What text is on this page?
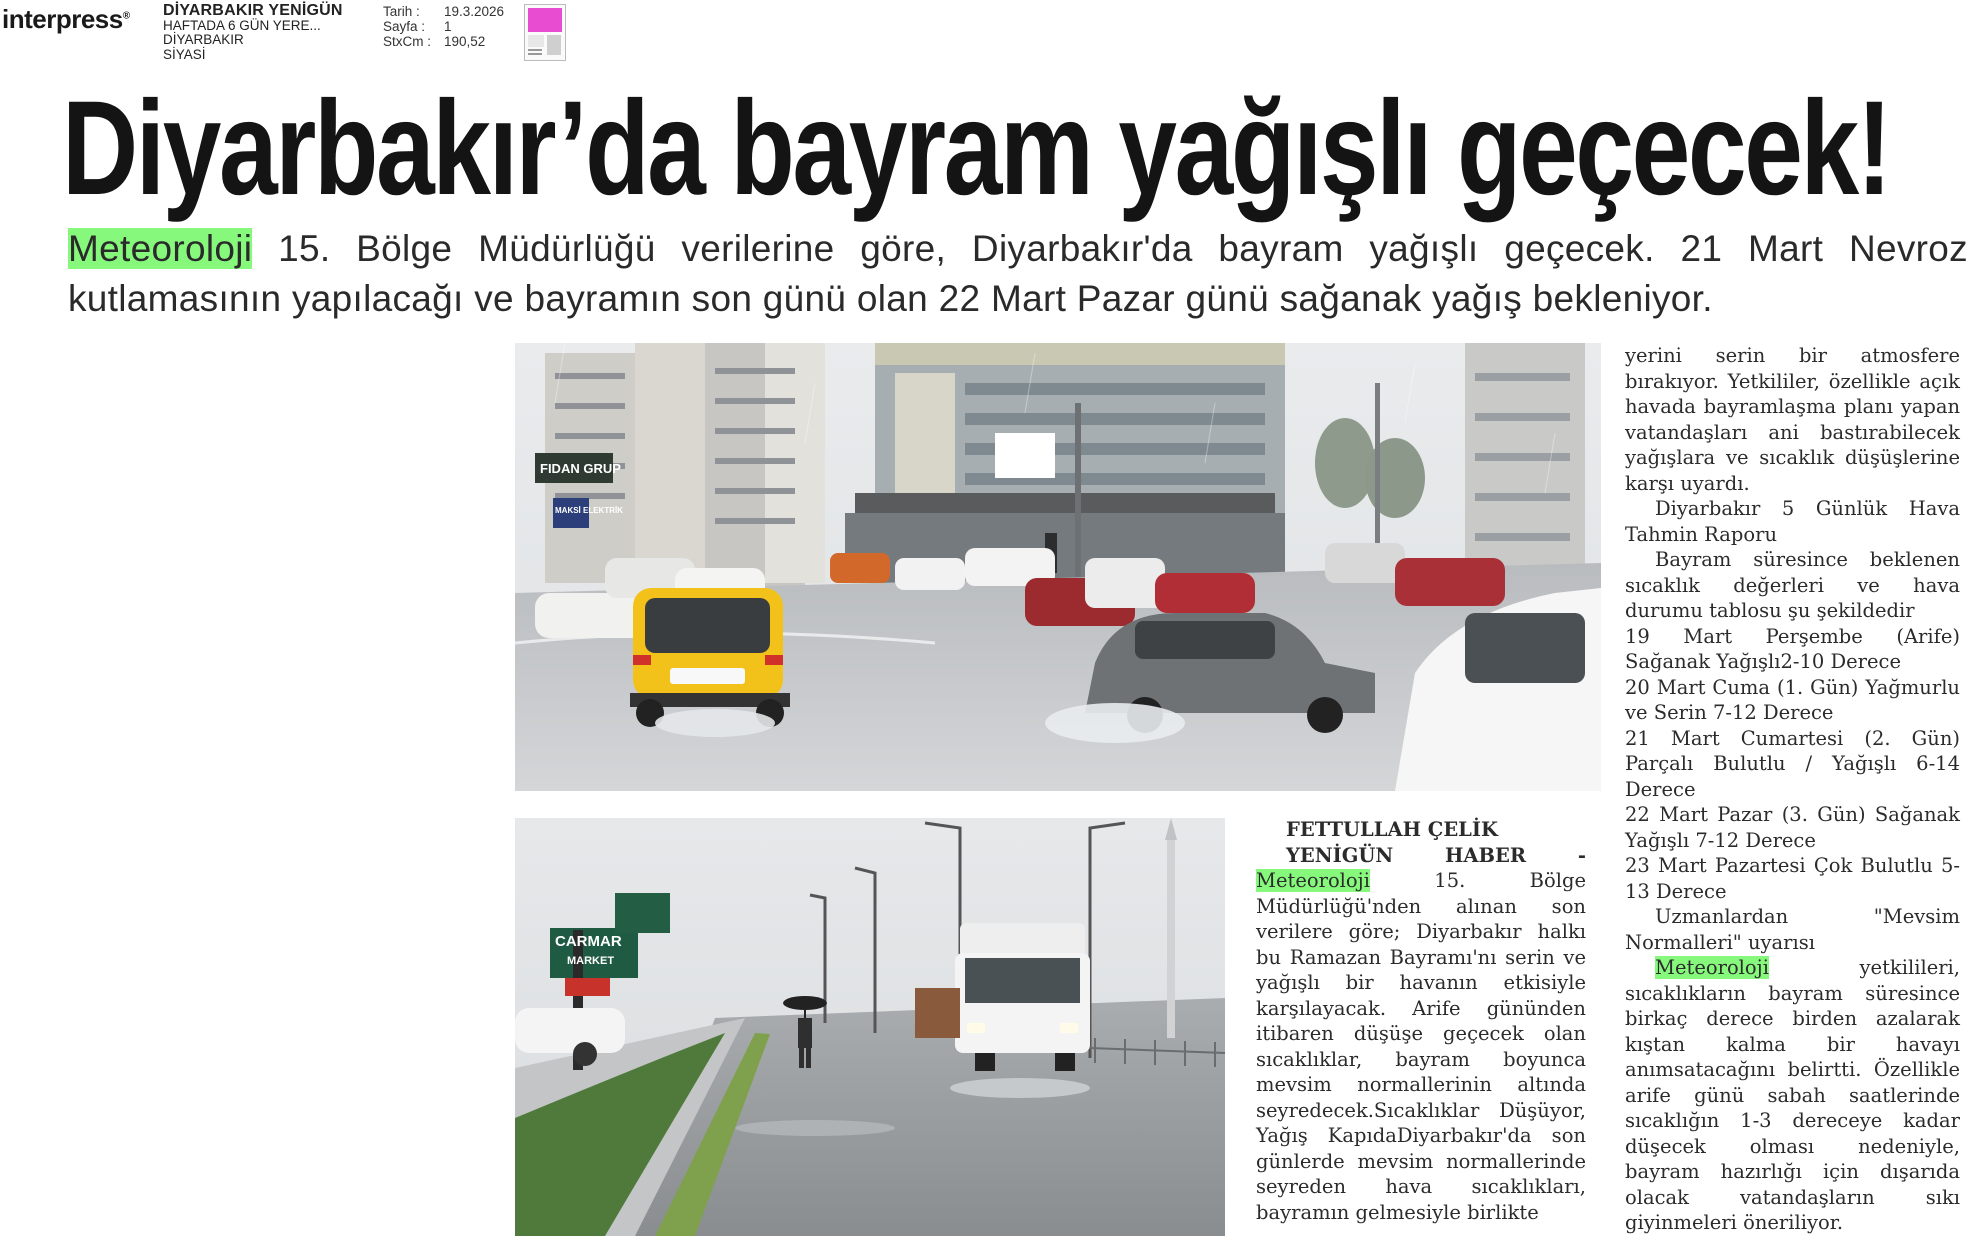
interpress® DİYARBAKIR YENİGÜN
HAFTADA 6 GÜN YERE...
DİYARBAKIR
SİYASİ
Tarih :
Sayfa :
StxCm :
19.3.2026
1
190,52
Diyarbakır’da bayram yağışlı geçecek!

Meteoroloji 15. Bölge Müdürlüğü verilerine göre, Diyarbakır'da bayram yağışlı geçecek. 21 Mart Nevroz kutlamasının yapılacağı ve bayramın son günü olan 22 Mart Pazar günü sağanak yağış bekleniyor.

FIDAN GRUP
MAKSİ ELEKTRİK
CARMAR
MARKET

FETTULLAH ÇELİK

YENİGÜN HABER - Meteoroloji 15. Bölge Müdürlüğü'nden alınan son verilere göre; Diyarbakır halkı bu Ramazan Bayramı'nı serin ve yağışlı bir havanın etkisiyle karşılayacak. Arife gününden itibaren düşüşe geçecek olan sıcaklıklar, bayram boyunca mevsim normallerinin altında seyredecek.Sıcaklıklar Düşüyor, Yağış KapıdaDiyarbakır'da son günlerde mevsim normallerinde seyreden hava sıcaklıkları, bayramın gelmesiyle birlikte

yerini serin bir atmosfere bırakıyor. Yetkililer, özellikle açık havada bayramlaşma planı yapan vatandaşları ani bastırabilecek yağışlara ve sıcaklık düşüşlerine karşı uyardı.

Diyarbakır 5 Günlük Hava Tahmin Raporu

Bayram süresince beklenen sıcaklık değerleri ve hava durumu tablosu şu şekildedir

19 Mart Perşembe (Arife) Sağanak Yağışlı2-10 Derece

20 Mart Cuma (1. Gün) Yağmurlu ve Serin 7-12 Derece

21 Mart Cumartesi (2. Gün) Parçalı Bulutlu / Yağışlı 6-14 Derece

22 Mart Pazar (3. Gün) Sağanak Yağışlı 7-12 Derece

23 Mart Pazartesi Çok Bulutlu 5-13 Derece

Uzmanlardan "Mevsim Normalleri" uyarısı

Meteoroloji yetkilileri, sıcaklıkların bayram süresince birkaç derece birden azalarak kıştan kalma bir havayı anımsatacağını belirtti. Özellikle arife günü sabah saatlerinde sıcaklığın 1-3 dereceye kadar düşecek olması nedeniyle, bayram hazırlığı için dışarıda olacak vatandaşların sıkı giyinmeleri öneriliyor.
